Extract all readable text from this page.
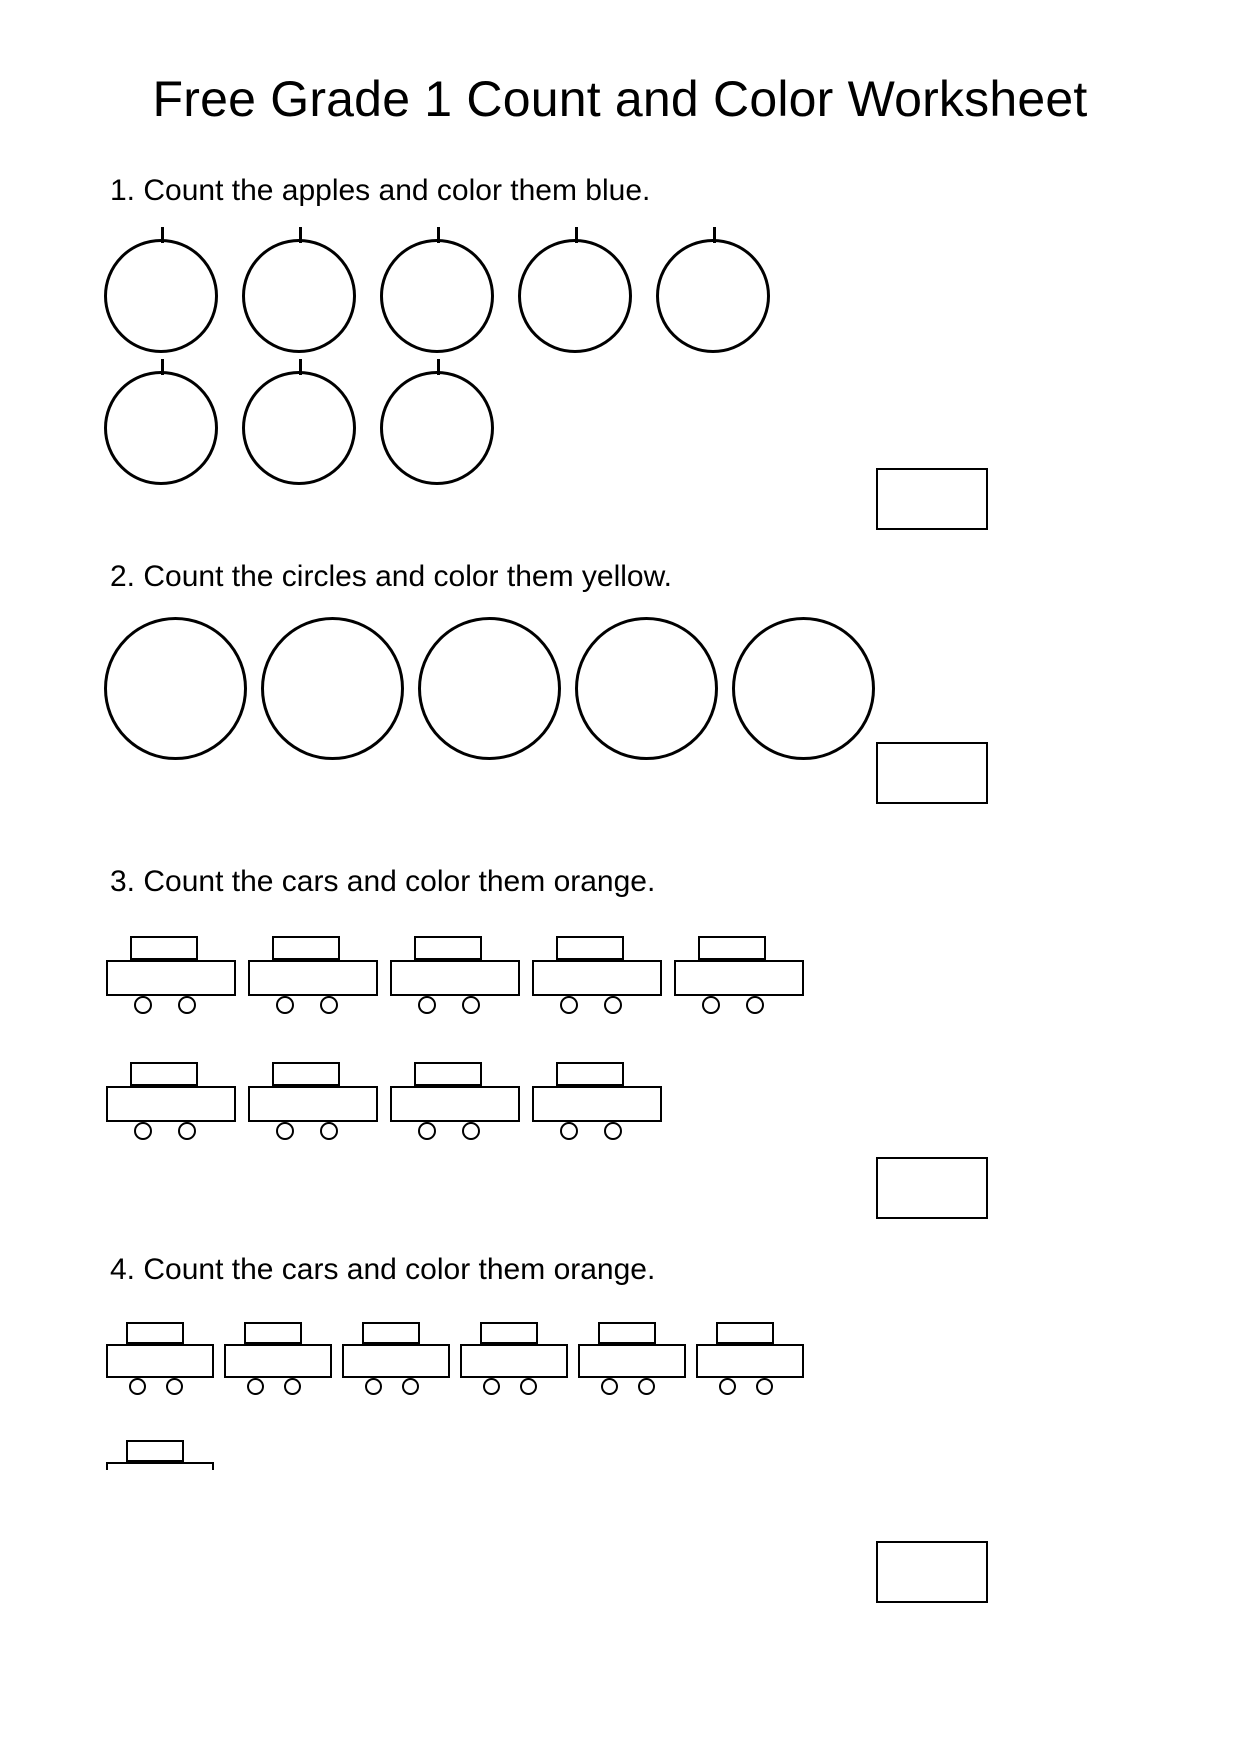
Free Grade 1 Count and Color Worksheet

1. Count the apples and color them blue.

2. Count the circles and color them yellow.

3. Count the cars and color them orange.

4. Count the cars and color them orange.
